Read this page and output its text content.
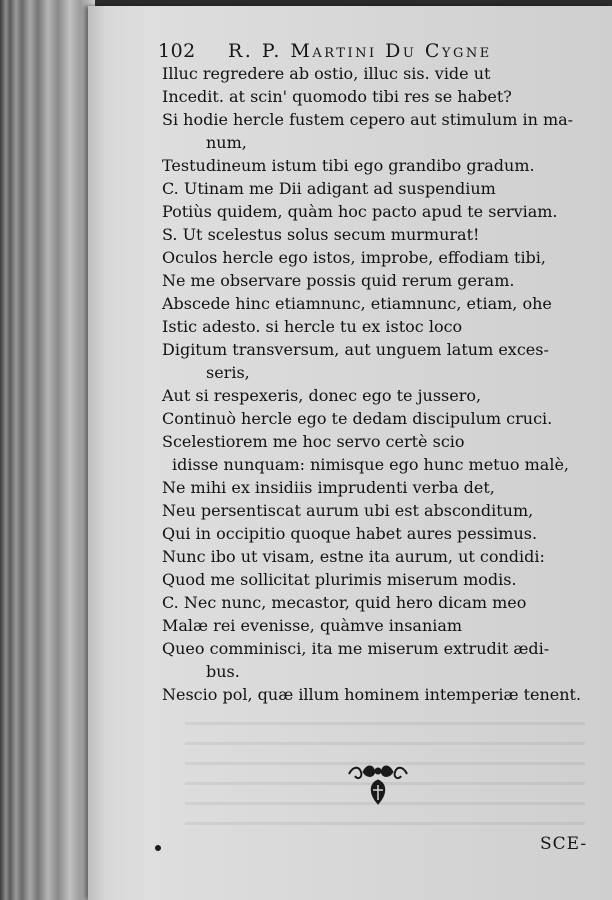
102 R. P. Martini Du Cygne
Illuc regredere ab ostio, illuc sis. vide ut
Incedit. at scin' quomodo tibi res se habet?
Si hodie hercle fustem cepero aut stimulum in ma-
num,
Testudineum istum tibi ego grandibo gradum.
C. Utinam me Dii adigant ad suspendium
Potiùs quidem, quàm hoc pacto apud te serviam.
S. Ut scelestus solus secum murmurat!
Oculos hercle ego istos, improbe, effodiam tibi,
Ne me observare possis quid rerum geram.
Abscede hinc etiamnunc, etiamnunc, etiam, ohe
Istic adesto. si hercle tu ex istoc loco
Digitum transversum, aut unguem latum exces-
seris,
Aut si respexeris, donec ego te jussero,
Continuò hercle ego te dedam discipulum cruci.
Scelestiorem me hoc servo certè scio
idisse nunquam: nimisque ego hunc metuo malè,
Ne mihi ex insidiis imprudenti verba det,
Neu persentiscat aurum ubi est absconditum,
Qui in occipitio quoque habet aures pessimus.
Nunc ibo ut visam, estne ita aurum, ut condidi:
Quod me sollicitat plurimis miserum modis.
C. Nec nunc, mecastor, quid hero dicam meo
Malæ rei evenisse, quàmve insaniam
Queo comminisci, ita me miserum extrudit ædi-
bus.
Nescio pol, quæ illum hominem intemperiæ tenent.
SCE-
